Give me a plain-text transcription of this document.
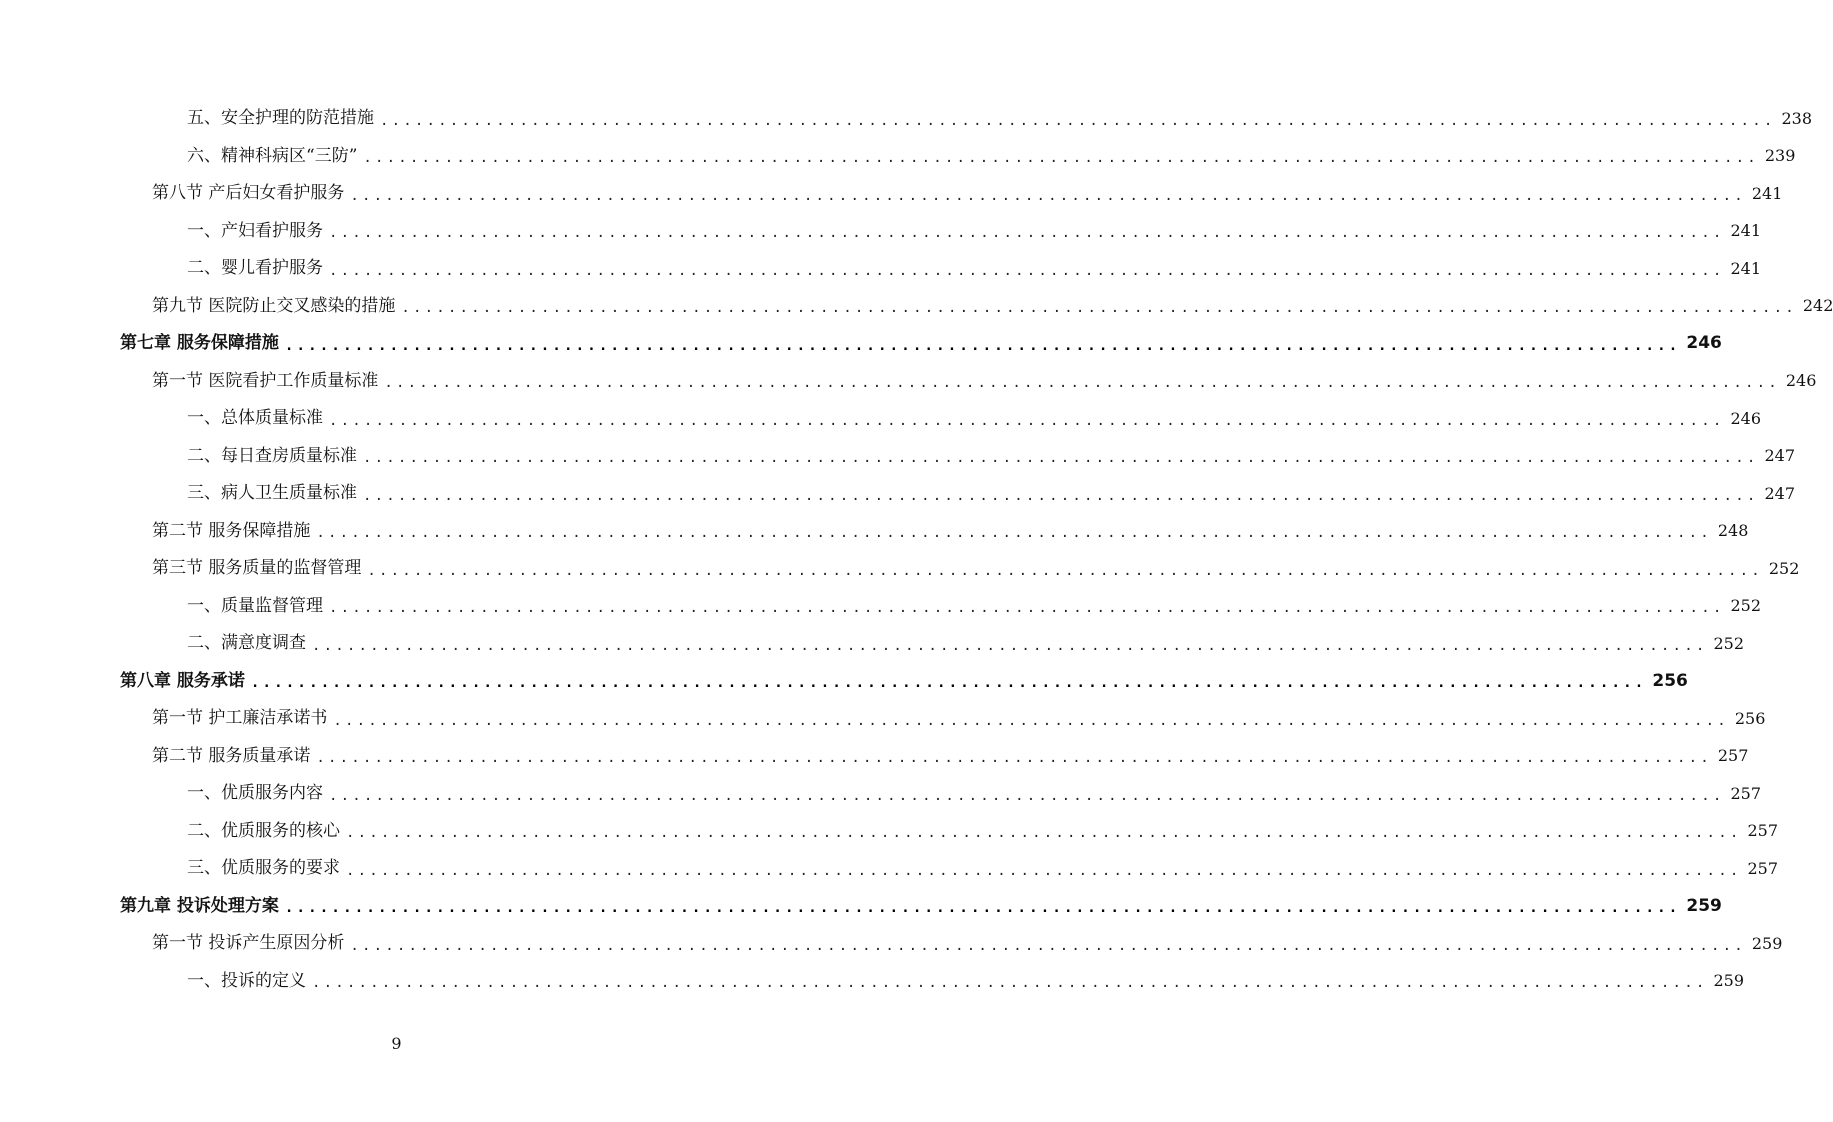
五、安全护理的防范措施 ........................................................................................................................ 238
六、精神科病区“三防” ........................................................................................................................ 239
第八节 产后妇女看护服务 ........................................................................................................................ 241
一、产妇看护服务 ........................................................................................................................ 241
二、婴儿看护服务 ........................................................................................................................ 241
第九节 医院防止交叉感染的措施 ........................................................................................................................ 242
第七章 服务保障措施 ........................................................................................................................ 246
第一节 医院看护工作质量标准 ........................................................................................................................ 246
一、总体质量标准 ........................................................................................................................ 246
二、每日查房质量标准 ........................................................................................................................ 247
三、病人卫生质量标准 ........................................................................................................................ 247
第二节 服务保障措施 ........................................................................................................................ 248
第三节 服务质量的监督管理 ........................................................................................................................ 252
一、质量监督管理 ........................................................................................................................ 252
二、满意度调查 ........................................................................................................................ 252
第八章 服务承诺 ........................................................................................................................ 256
第一节 护工廉洁承诺书 ........................................................................................................................ 256
第二节 服务质量承诺 ........................................................................................................................ 257
一、优质服务内容 ........................................................................................................................ 257
二、优质服务的核心 ........................................................................................................................ 257
三、优质服务的要求 ........................................................................................................................ 257
第九章 投诉处理方案 ........................................................................................................................ 259
第一节 投诉产生原因分析 ........................................................................................................................ 259
一、投诉的定义 ........................................................................................................................ 259
9
